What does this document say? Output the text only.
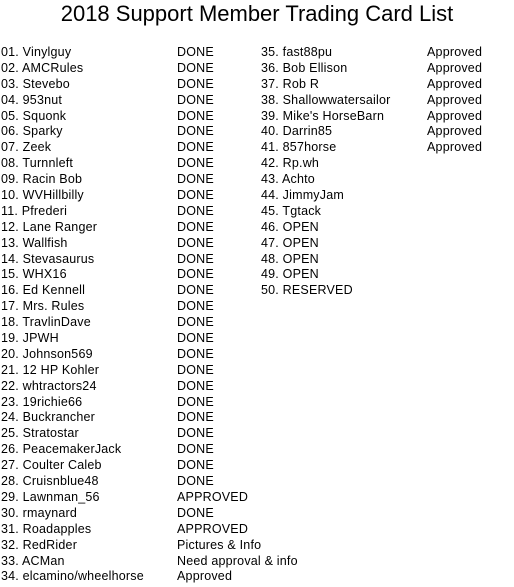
2018 Support Member Trading Card List
01. Vinylguy	DONE
02. AMCRules	DONE
03. Stevebo	DONE
04. 953nut	DONE
05. Squonk	DONE
06. Sparky	DONE
07. Zeek	DONE
08. Turnnleft	DONE
09. Racin Bob	DONE
10. WVHillbilly	DONE
11. Pfrederi	DONE
12. Lane Ranger	DONE
13. Wallfish	DONE
14. Stevasaurus	DONE
15. WHX16	DONE
16. Ed Kennell	DONE
17. Mrs. Rules	DONE
18. TravlinDave	DONE
19. JPWH	DONE
20. Johnson569	DONE
21. 12 HP Kohler	DONE
22. whtractors24	DONE
23. 19richie66	DONE
24. Buckrancher	DONE
25. Stratostar	DONE
26. PeacemakerJack	DONE
27. Coulter Caleb	DONE
28. Cruisnblue48	DONE
29. Lawnman_56	APPROVED
30. rmaynard	DONE
31. Roadapples	APPROVED
32. RedRider	Pictures & Info
33. ACMan	Need approval & info
34. elcamino/wheelhorse	Approved
35. fast88pu	Approved
36. Bob Ellison	Approved
37. Rob R	Approved
38. Shallowwatersailor	Approved
39. Mike's HorseBarn	Approved
40. Darrin85	Approved
41. 857horse	Approved
42. Rp.wh
43. Achto
44. JimmyJam
45. Tgtack
46. OPEN
47. OPEN
48. OPEN
49. OPEN
50. RESERVED
